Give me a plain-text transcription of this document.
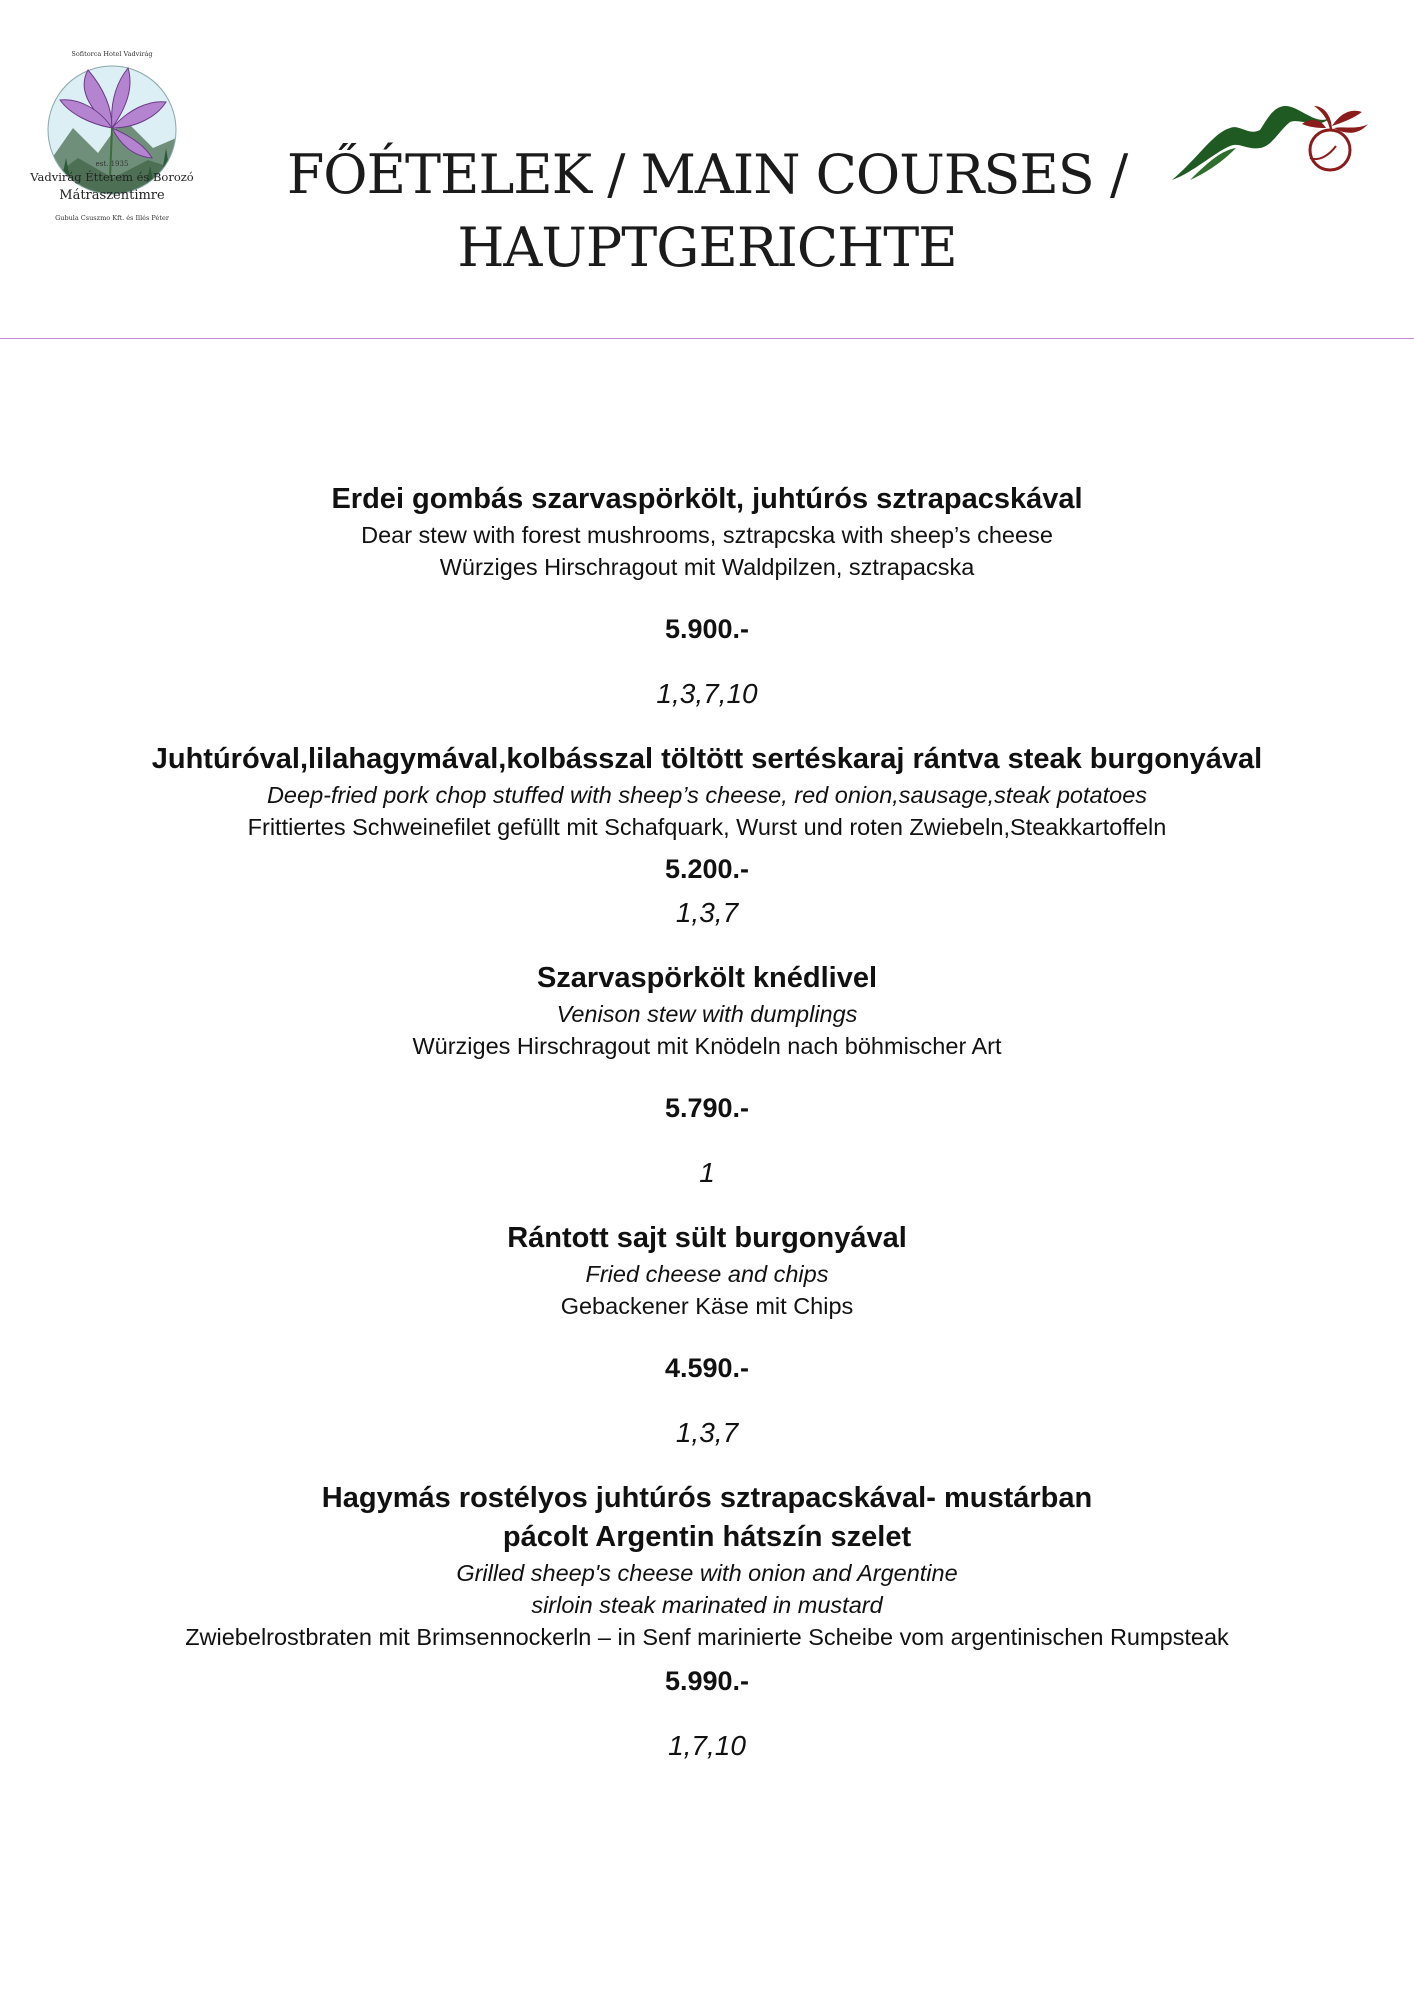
Sofitorca Hotel Vadvirág
est. 1935
Vadvirág Étterem és Borozó
Mátraszentimre
Gubula Csuszmo Kft. és Illés Péter
FŐÉTELEK / MAIN COURSES /
HAUPTGERICHTE

Erdei gombás szarvaspörkölt, juhtúrós sztrapacskával

Dear stew with forest mushrooms, sztrapcska with sheep’s cheese

Würziges Hirschragout mit Waldpilzen, sztrapacska

5.900.-

1,3,7,10

Juhtúróval,lilahagymával,kolbásszal töltött sertéskaraj rántva steak burgonyával

Deep-fried pork chop stuffed with sheep’s cheese, red onion,sausage,steak potatoes

Frittiertes Schweinefilet gefüllt mit Schafquark, Wurst und roten Zwiebeln,Steakkartoffeln

5.200.-

1,3,7

Szarvaspörkölt knédlivel

Venison stew with dumplings

Würziges Hirschragout mit Knödeln nach böhmischer Art

5.790.-

1

Rántott sajt sült burgonyával

Fried cheese and chips

Gebackener Käse mit Chips

4.590.-

1,3,7

Hagymás rostélyos juhtúrós sztrapacskával- mustárban
pácolt Argentin hátszín szelet

Grilled sheep's cheese with onion and Argentine
sirloin steak marinated in mustard

Zwiebelrostbraten mit Brimsennockerln – in Senf marinierte Scheibe vom argentinischen Rumpsteak

5.990.-

1,7,10
